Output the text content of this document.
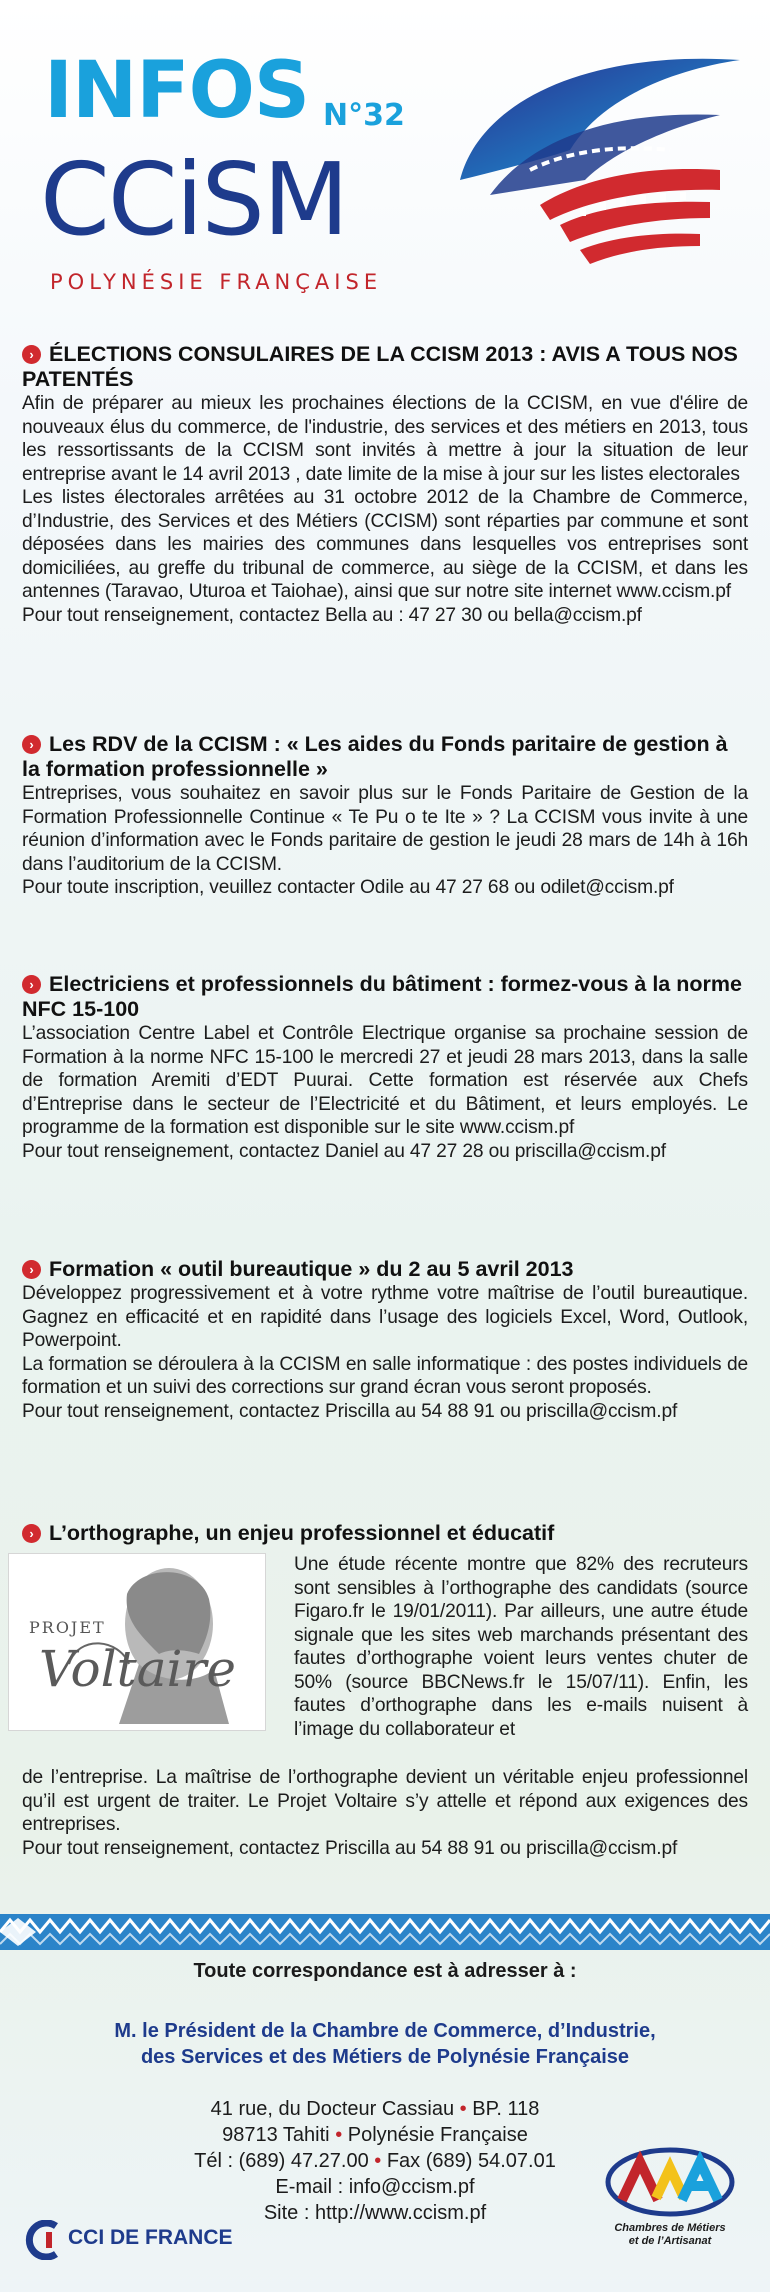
INFOS N°32
CCiSM
POLYNÉSIE FRANÇAISE
› ÉLECTIONS CONSULAIRES DE LA CCISM 2013 : AVIS A TOUS NOS PATENTÉS

Afin de préparer au mieux les prochaines élections de la CCISM, en vue d'élire de nouveaux élus du commerce, de l'industrie, des services et des métiers en 2013, tous les ressortissants de la CCISM sont invités à mettre à jour la situation de leur entreprise avant le 14 avril 2013 , date limite de la mise à jour sur les listes electorales

Les listes électorales arrêtées au 31 octobre 2012 de la Chambre de Commerce, d’Industrie, des Services et des Métiers (CCISM) sont réparties par commune et sont déposées dans les mairies des communes dans lesquelles vos entreprises sont domiciliées, au greffe du tribunal de commerce, au siège de la CCISM, et dans les antennes (Taravao, Uturoa et Taiohae), ainsi que sur notre site internet www.ccism.pf

Pour tout renseignement, contactez Bella au : 47 27 30 ou bella@ccism.pf

› Les RDV de la CCISM : « Les aides du Fonds paritaire de gestion à la formation professionnelle »

Entreprises, vous souhaitez en savoir plus sur le Fonds Paritaire de Gestion de la Formation Professionnelle Continue « Te Pu o te Ite » ? La CCISM vous invite à une réunion d’information avec le Fonds paritaire de gestion le jeudi 28 mars de 14h à 16h dans l’auditorium de la CCISM.

Pour toute inscription, veuillez contacter Odile au 47 27 68 ou odilet@ccism.pf

› Electriciens et professionnels du bâtiment : formez-vous à la norme NFC 15-100

L’association Centre Label et Contrôle Electrique organise sa prochaine session de Formation à la norme NFC 15-100 le mercredi 27 et jeudi 28 mars 2013, dans la salle de formation Aremiti d’EDT Puurai. Cette formation est réservée aux Chefs d’Entreprise dans le secteur de l’Electricité et du Bâtiment, et leurs employés. Le programme de la formation est disponible sur le site www.ccism.pf

Pour tout renseignement, contactez Daniel au 47 27 28 ou priscilla@ccism.pf

› Formation « outil bureautique » du 2 au 5 avril 2013

Développez progressivement et à votre rythme votre maîtrise de l’outil bureautique. Gagnez en efficacité et en rapidité dans l’usage des logiciels Excel, Word, Outlook, Powerpoint.

La formation se déroulera à la CCISM en salle informatique : des postes individuels de formation et un suivi des corrections sur grand écran vous seront proposés.

Pour tout renseignement, contactez Priscilla au 54 88 91 ou priscilla@ccism.pf

› L’orthographe, un enjeu professionnel et éducatif
PROJET
Voltaire
Une étude récente montre que 82% des recruteurs sont sensibles à l’orthographe des candidats (source Figaro.fr le 19/01/2011). Par ailleurs, une autre étude signale que les sites web marchands présentant des fautes d’orthographe voient leurs ventes chuter de 50% (source BBCNews.fr le 15/07/11). Enfin, les fautes d’orthographe dans les e-mails nuisent à l’image du collaborateur et

de l’entreprise. La maîtrise de l’orthographe devient un véritable enjeu professionnel qu’il est urgent de traiter. Le Projet Voltaire s’y attelle et répond aux exigences des entreprises.

Pour tout renseignement, contactez Priscilla au 54 88 91 ou priscilla@ccism.pf

Toute correspondance est à adresser à :
M. le Président de la Chambre de Commerce, d’Industrie,
des Services et des Métiers de Polynésie Française
41 rue, du Docteur Cassiau • BP. 118
98713 Tahiti • Polynésie Française
Tél : (689) 47.27.00 • Fax (689) 54.07.01
E-mail : info@ccism.pf
Site : http://www.ccism.pf
CCI DE FRANCE	Chambres de Métiers
et de l’Artisanat
